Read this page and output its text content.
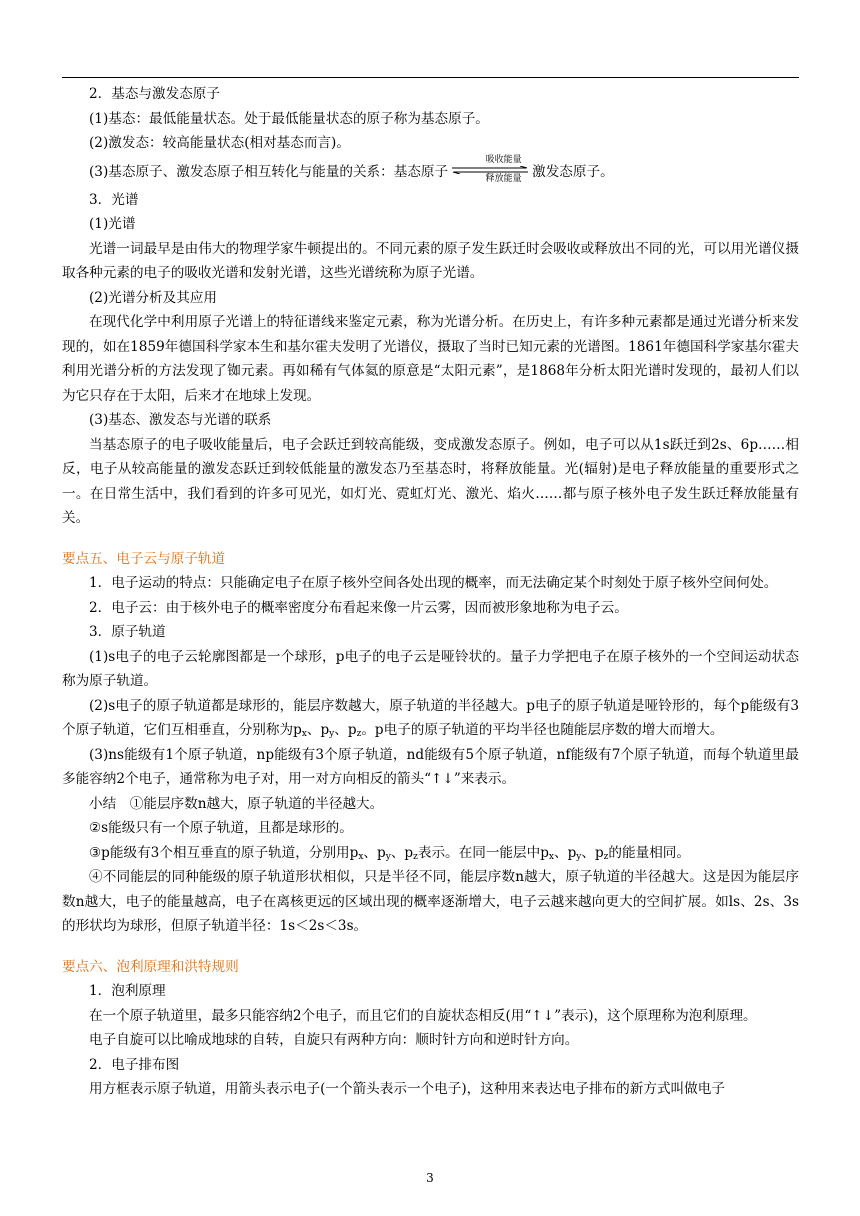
2．基态与激发态原子

(1)基态：最低能量状态。处于最低能量状态的原子称为基态原子。

(2)激发态：较高能量状态(相对基态而言)。

(3)基态原子、激发态原子相互转化与能量的关系：基态原子
吸收能量
释放能量 激发态原子。

3．光谱

(1)光谱

光谱一词最早是由伟大的物理学家牛顿提出的。不同元素的原子发生跃迁时会吸收或释放出不同的光，可以用光谱仪摄取各种元素的电子的吸收光谱和发射光谱，这些光谱统称为原子光谱。

(2)光谱分析及其应用

在现代化学中利用原子光谱上的特征谱线来鉴定元素，称为光谱分析。在历史上，有许多种元素都是通过光谱分析来发现的，如在1859年德国科学家本生和基尔霍夫发明了光谱仪，摄取了当时已知元素的光谱图。1861年德国科学家基尔霍夫利用光谱分析的方法发现了铷元素。再如稀有气体氦的原意是“太阳元素”，是1868年分析太阳光谱时发现的，最初人们以为它只存在于太阳，后来才在地球上发现。

(3)基态、激发态与光谱的联系

当基态原子的电子吸收能量后，电子会跃迁到较高能级，变成激发态原子。例如，电子可以从1s跃迁到2s、6p……相反，电子从较高能量的激发态跃迁到较低能量的激发态乃至基态时，将释放能量。光(辐射)是电子释放能量的重要形式之一。在日常生活中，我们看到的许多可见光，如灯光、霓虹灯光、激光、焰火……都与原子核外电子发生跃迁释放能量有关。

要点五、电子云与原子轨道

1．电子运动的特点：只能确定电子在原子核外空间各处出现的概率，而无法确定某个时刻处于原子核外空间何处。

2．电子云：由于核外电子的概率密度分布看起来像一片云雾，因而被形象地称为电子云。

3．原子轨道

(1)s电子的电子云轮廓图都是一个球形，p电子的电子云是哑铃状的。量子力学把电子在原子核外的一个空间运动状态称为原子轨道。

(2)s电子的原子轨道都是球形的，能层序数越大，原子轨道的半径越大。p电子的原子轨道是哑铃形的，每个p能级有3个原子轨道，它们互相垂直，分别称为$p_x$、$p_y$、$p_z$。p电子的原子轨道的平均半径也随能层序数的增大而增大。

(3)ns能级有1个原子轨道，np能级有3个原子轨道，nd能级有5个原子轨道，nf能级有7个原子轨道，而每个轨道里最多能容纳2个电子，通常称为电子对，用一对方向相反的箭头“↑↓”来表示。

小结　①能层序数n越大，原子轨道的半径越大。

②s能级只有一个原子轨道，且都是球形的。

③p能级有3个相互垂直的原子轨道，分别用$p_x$、$p_y$、$p_z$表示。在同一能层中$p_x$、$p_y$、$p_z$的能量相同。

④不同能层的同种能级的原子轨道形状相似，只是半径不同，能层序数n越大，原子轨道的半径越大。这是因为能层序数n越大，电子的能量越高，电子在离核更远的区域出现的概率逐渐增大，电子云越来越向更大的空间扩展。如ls、2s、3s的形状均为球形，但原子轨道半径：1s＜2s＜3s。

要点六、泡利原理和洪特规则

1．泡利原理

在一个原子轨道里，最多只能容纳2个电子，而且它们的自旋状态相反(用“↑↓”表示)，这个原理称为泡利原理。

电子自旋可以比喻成地球的自转，自旋只有两种方向：顺时针方向和逆时针方向。

2．电子排布图

用方框表示原子轨道，用箭头表示电子(一个箭头表示一个电子)，这种用来表达电子排布的新方式叫做电子

3
